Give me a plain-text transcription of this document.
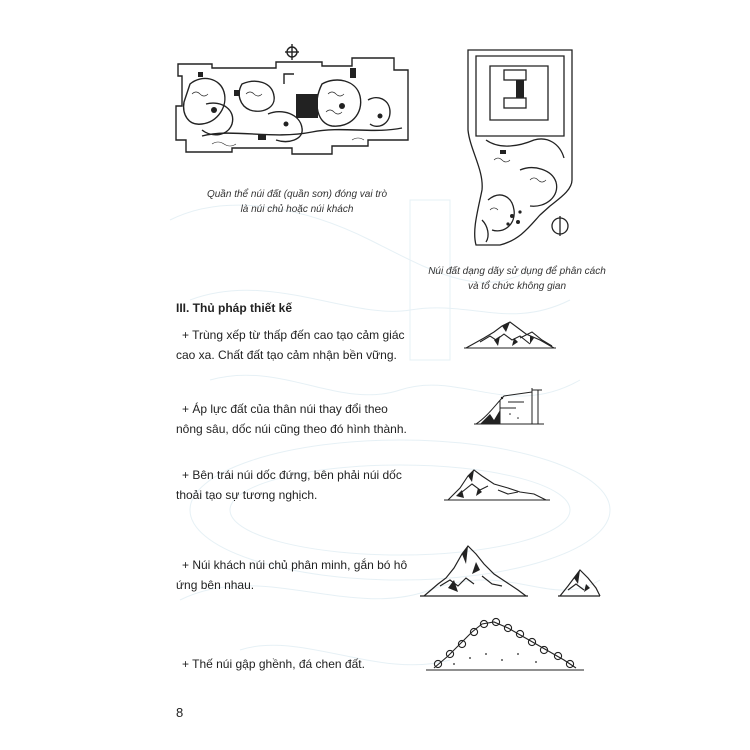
Quần thể núi đất (quần sơn) đóng vai trò
là núi chủ hoặc núi khách
Núi đất dạng dãy sử dụng để phân cách
và tổ chức không gian
III. Thủ pháp thiết kế
+ Trùng xếp từ thấp đến cao tạo cảm giác
cao xa. Chất đất tạo cảm nhận bền vững.
+ Áp lực đất của thân núi thay đổi theo
nông sâu, dốc núi cũng theo đó hình thành.
+ Bên trái núi dốc đứng, bên phải núi dốc
thoải tạo sự tương nghịch.
+ Núi khách núi chủ phân minh, gắn bó hô
ứng bên nhau.
+ Thế núi gập ghềnh, đá chen đất.
8
